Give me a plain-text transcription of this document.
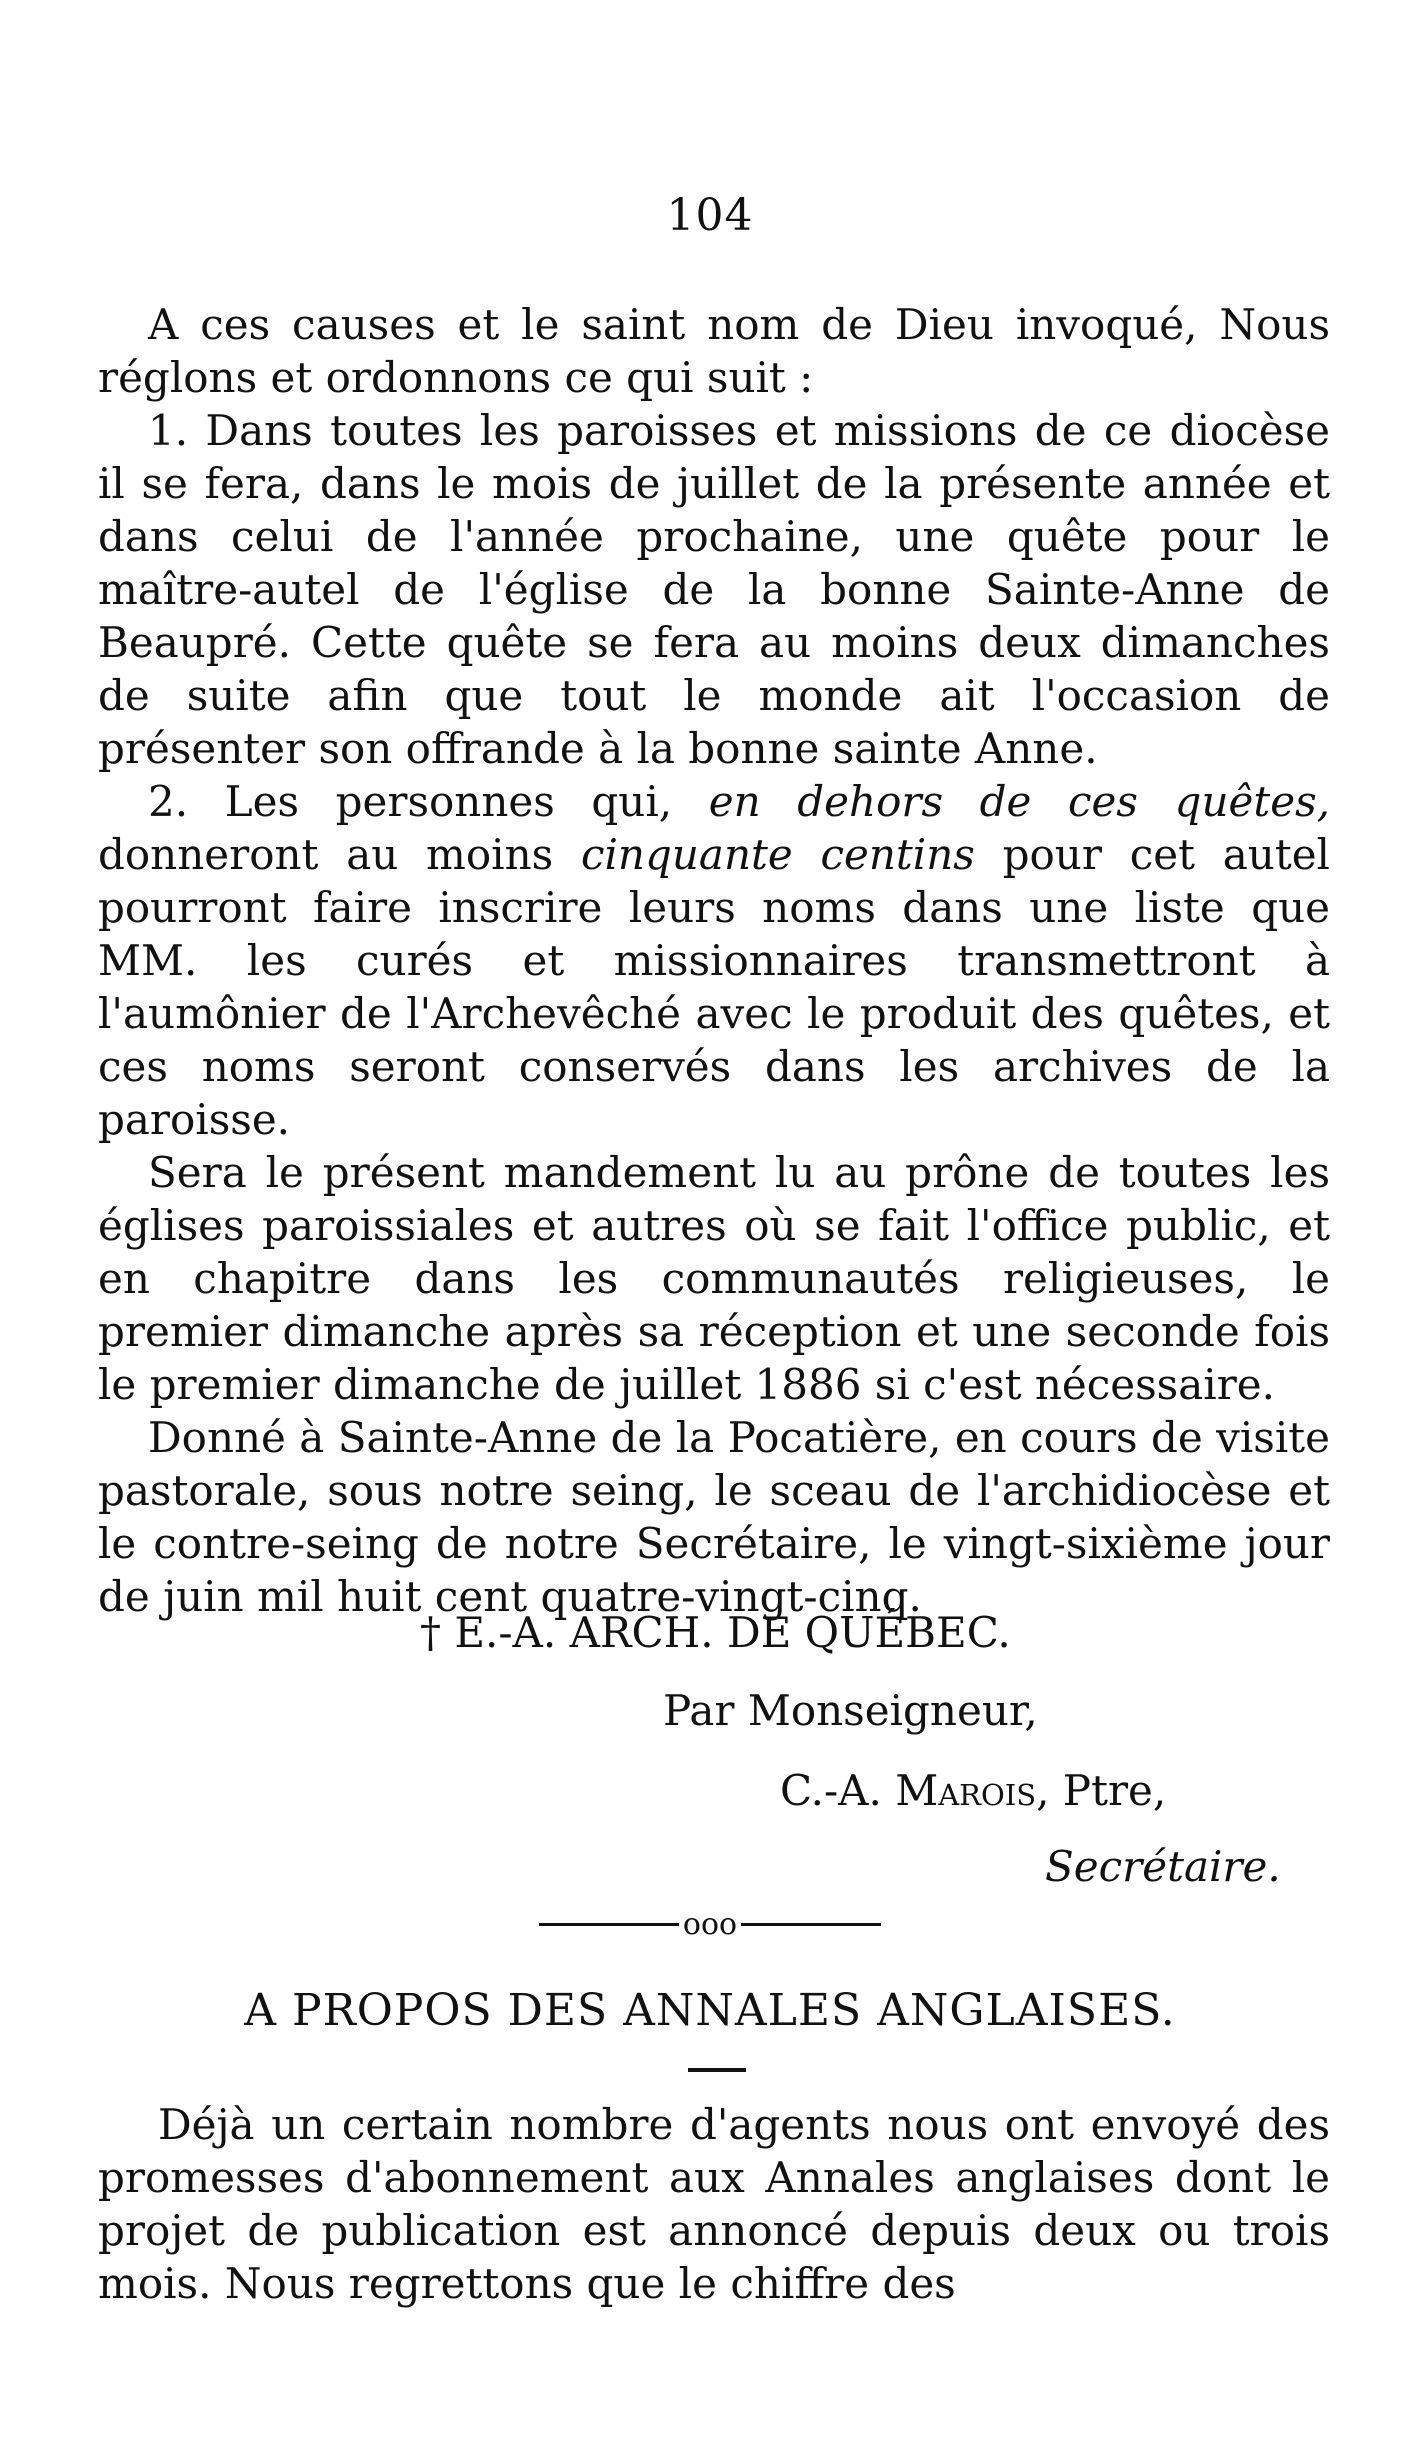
104

A ces causes et le saint nom de Dieu invoqué, Nous réglons et ordonnons ce qui suit :

1. Dans toutes les paroisses et missions de ce diocèse il se fera, dans le mois de juillet de la présente année et dans celui de l'année prochaine, une quête pour le maître-autel de l'église de la bonne Sainte-Anne de Beaupré. Cette quête se fera au moins deux dimanches de suite afin que tout le monde ait l'occasion de présenter son offrande à la bonne sainte Anne.

2. Les personnes qui, en dehors de ces quêtes, donneront au moins cinquante centins pour cet autel pourront faire inscrire leurs noms dans une liste que MM. les curés et missionnaires transmettront à l'aumônier de l'Archevêché avec le produit des quêtes, et ces noms seront conservés dans les archives de la paroisse.

Sera le présent mandement lu au prône de toutes les églises paroissiales et autres où se fait l'office public, et en chapitre dans les communautés religieuses, le premier dimanche après sa réception et une seconde fois le premier dimanche de juillet 1886 si c'est nécessaire.

Donné à Sainte-Anne de la Pocatière, en cours de visite pastorale, sous notre seing, le sceau de l'archidiocèse et le contre-seing de notre Secrétaire, le vingt-sixième jour de juin mil huit cent quatre-vingt-cinq.

† E.-A. ARCH. DE QUÉBEC.
Par Monseigneur,
C.-A. Marois, Ptre,
Secrétaire.
ooo
A PROPOS DES ANNALES ANGLAISES.

Déjà un certain nombre d'agents nous ont envoyé des promesses d'abonnement aux Annales anglaises dont le projet de publication est annoncé depuis deux ou trois mois. Nous regrettons que le chiffre des
